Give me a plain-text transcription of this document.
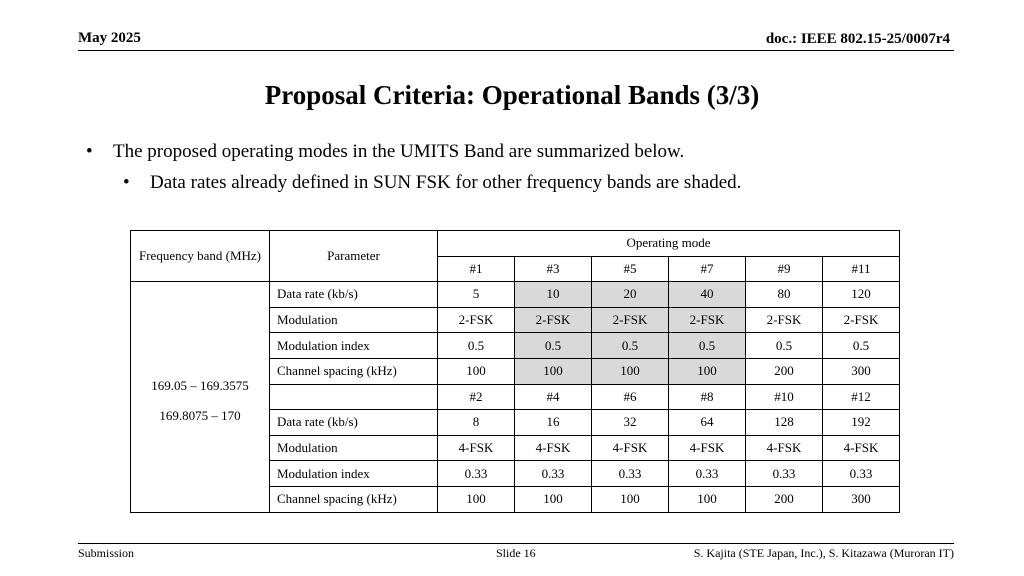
May 2025	doc.: IEEE 802.15-25/0007r4
Proposal Criteria: Operational Bands (3/3)
• The proposed operating modes in the UMITS Band are summarized below.
• Data rates already defined in SUN FSK for other frequency bands are shaded.
Frequency band (MHz)	Parameter	Operating mode					
		#1	#3	#5	#7	#9	#11

169.05 – 169.3575
169.8075 – 170	Data rate (kb/s)	5	10	20	40	80	120
	Modulation	2-FSK	2-FSK	2-FSK	2-FSK	2-FSK	2-FSK
	Modulation index	0.5	0.5	0.5	0.5	0.5	0.5
	Channel spacing (kHz)	100	100	100	100	200	300
		#2	#4	#6	#8	#10	#12
	Data rate (kb/s)	8	16	32	64	128	192
	Modulation	4-FSK	4-FSK	4-FSK	4-FSK	4-FSK	4-FSK
	Modulation index	0.33	0.33	0.33	0.33	0.33	0.33
	Channel spacing (kHz)	100	100	100	100	200	300
Submission	Slide 16	S. Kajita (STE Japan, Inc.), S. Kitazawa (Muroran IT)
